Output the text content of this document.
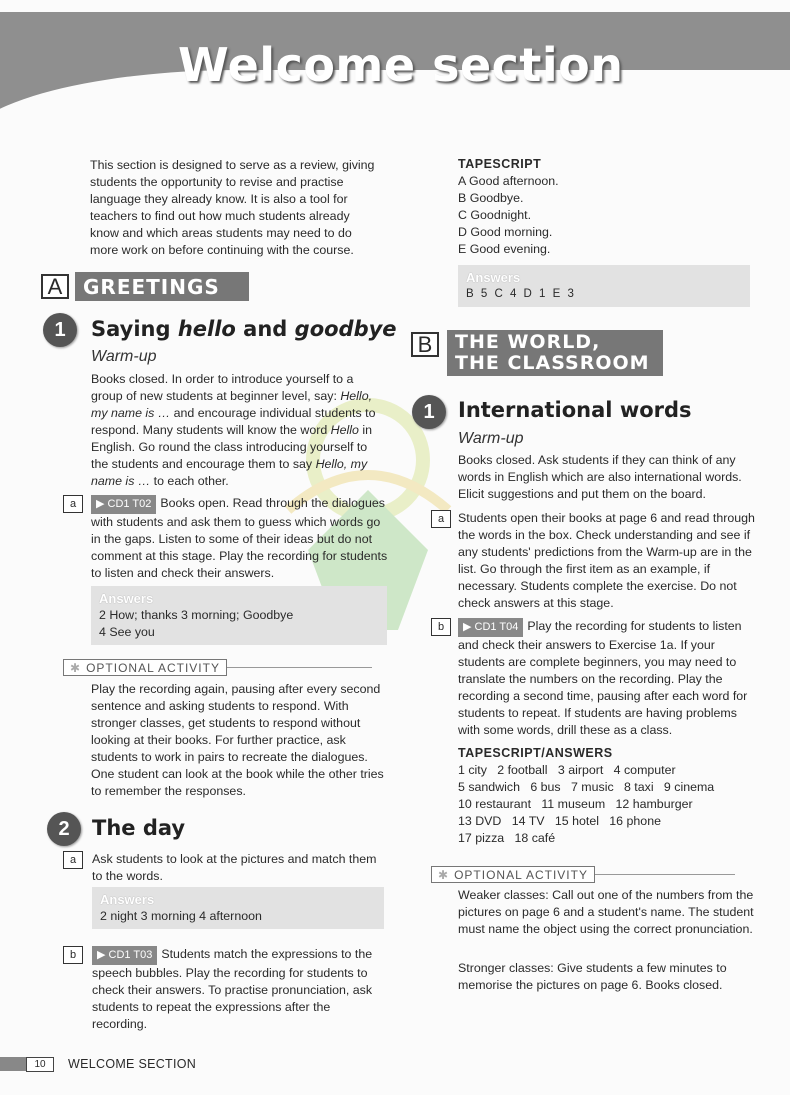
Welcome section
This section is designed to serve as a review, giving students the opportunity to revise and practise language they already know. It is also a tool for teachers to find out how much students already know and which areas students may need to do more work on before continuing with the course.
A	GREETINGS
1	Saying hello and goodbye
Warm-up
Books closed. In order to introduce yourself to a group of new students at beginner level, say: Hello, my name is … and encourage individual students to respond. Many students will know the word Hello in English. Go round the class introducing yourself to the students and encourage them to say Hello, my name is … to each other.
a	▶ CD1 T02 Books open. Read through the dialogues with students and ask them to guess which words go in the gaps. Listen to some of their ideas but do not comment at this stage. Play the recording for students to listen and check their answers.
Answers
2 How; thanks 3 morning; Goodbye
4 See you
✱ OPTIONAL ACTIVITY
Play the recording again, pausing after every second sentence and asking students to respond. With stronger classes, get students to respond without looking at their books. For further practice, ask students to work in pairs to recreate the dialogues. One student can look at the book while the other tries to remember the responses.
2	The day
a	Ask students to look at the pictures and match them to the words.
Answers
2 night 3 morning 4 afternoon
b	▶ CD1 T03 Students match the expressions to the speech bubbles. Play the recording for students to check their answers. To practise pronunciation, ask students to repeat the expressions after the recording.
TAPESCRIPT
A Good afternoon.
B Goodbye.
C Goodnight.
D Good morning.
E Good evening.
Answers
B 5 C 4 D 1 E 3
B	THE WORLD,
THE CLASSROOM
1	International words
Warm-up
Books closed. Ask students if they can think of any words in English which are also international words. Elicit suggestions and put them on the board.
a	Students open their books at page 6 and read through the words in the box. Check understanding and see if any students' predictions from the Warm-up are in the list. Go through the first item as an example, if necessary. Students complete the exercise. Do not check answers at this stage.
b	▶ CD1 T04 Play the recording for students to listen and check their answers to Exercise 1a. If your students are complete beginners, you may need to translate the numbers on the recording. Play the recording a second time, pausing after each word for students to repeat. If students are having problems with some words, drill these as a class.
TAPESCRIPT/ANSWERS
1 city   2 football   3 airport   4 computer
5 sandwich   6 bus   7 music   8 taxi   9 cinema
10 restaurant   11 museum   12 hamburger
13 DVD   14 TV   15 hotel   16 phone
17 pizza   18 café
✱ OPTIONAL ACTIVITY
Weaker classes: Call out one of the numbers from the pictures on page 6 and a student's name. The student must name the object using the correct pronunciation.
Stronger classes: Give students a few minutes to memorise the pictures on page 6. Books closed.
10	WELCOME SECTION
